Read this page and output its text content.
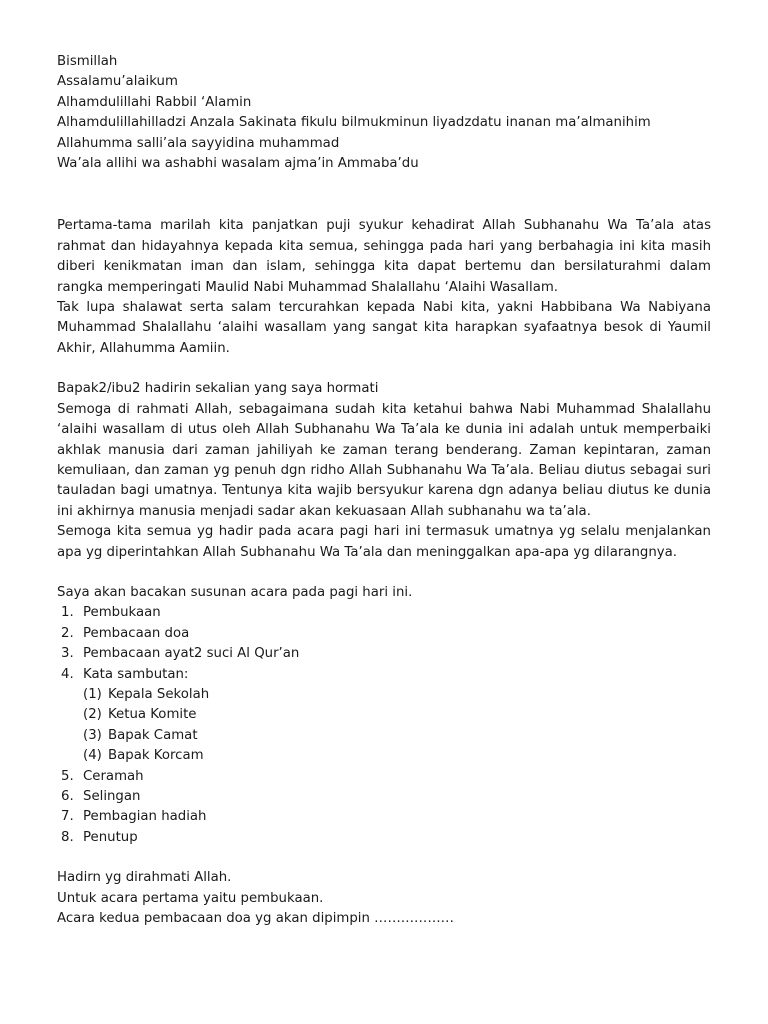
Bismillah
Assalamu’alaikum
Alhamdulillahi Rabbil ‘Alamin
Alhamdulillahilladzi Anzala Sakinata fikulu bilmukminun liyadzdatu inanan ma’almanihim
Allahumma salli’ala sayyidina muhammad
Wa’ala allihi wa ashabhi wasalam ajma’in Ammaba’du
Pertama-tama marilah kita panjatkan puji syukur kehadirat Allah Subhanahu Wa Ta’ala atas rahmat dan hidayahnya kepada kita semua, sehingga pada hari yang berbahagia ini kita masih diberi kenikmatan iman dan islam, sehingga kita dapat bertemu dan bersilaturahmi dalam rangka memperingati Maulid Nabi Muhammad Shalallahu ‘Alaihi Wasallam.
Tak lupa shalawat serta salam tercurahkan kepada Nabi kita, yakni Habbibana Wa Nabiyana Muhammad Shalallahu ‘alaihi wasallam yang sangat kita harapkan syafaatnya besok di Yaumil Akhir, Allahumma Aamiin.
Bapak2/ibu2 hadirin sekalian yang saya hormati
Semoga di rahmati Allah, sebagaimana sudah kita ketahui bahwa Nabi Muhammad Shalallahu ‘alaihi wasallam di utus oleh Allah Subhanahu Wa Ta’ala ke dunia ini adalah untuk memperbaiki akhlak manusia dari zaman jahiliyah ke zaman terang benderang. Zaman kepintaran, zaman kemuliaan, dan zaman yg penuh dgn ridho Allah Subhanahu Wa Ta’ala. Beliau diutus sebagai suri tauladan bagi umatnya. Tentunya kita wajib bersyukur karena dgn adanya beliau diutus ke dunia ini akhirnya manusia menjadi sadar akan kekuasaan Allah subhanahu wa ta’ala.
Semoga kita semua yg hadir pada acara pagi hari ini termasuk umatnya yg selalu menjalankan apa yg diperintahkan Allah Subhanahu Wa Ta’ala dan meninggalkan apa-apa yg dilarangnya.
Saya akan bacakan susunan acara pada pagi hari ini.
1. Pembukaan
2. Pembacaan doa
3. Pembacaan ayat2 suci Al Qur’an
4. Kata sambutan:
(1) Kepala Sekolah
(2) Ketua Komite
(3) Bapak Camat
(4) Bapak Korcam
5. Ceramah
6. Selingan
7. Pembagian hadiah
8. Penutup
Hadirn yg dirahmati Allah.
Untuk acara pertama yaitu pembukaan.
Acara kedua pembacaan doa yg akan dipimpin ………………
